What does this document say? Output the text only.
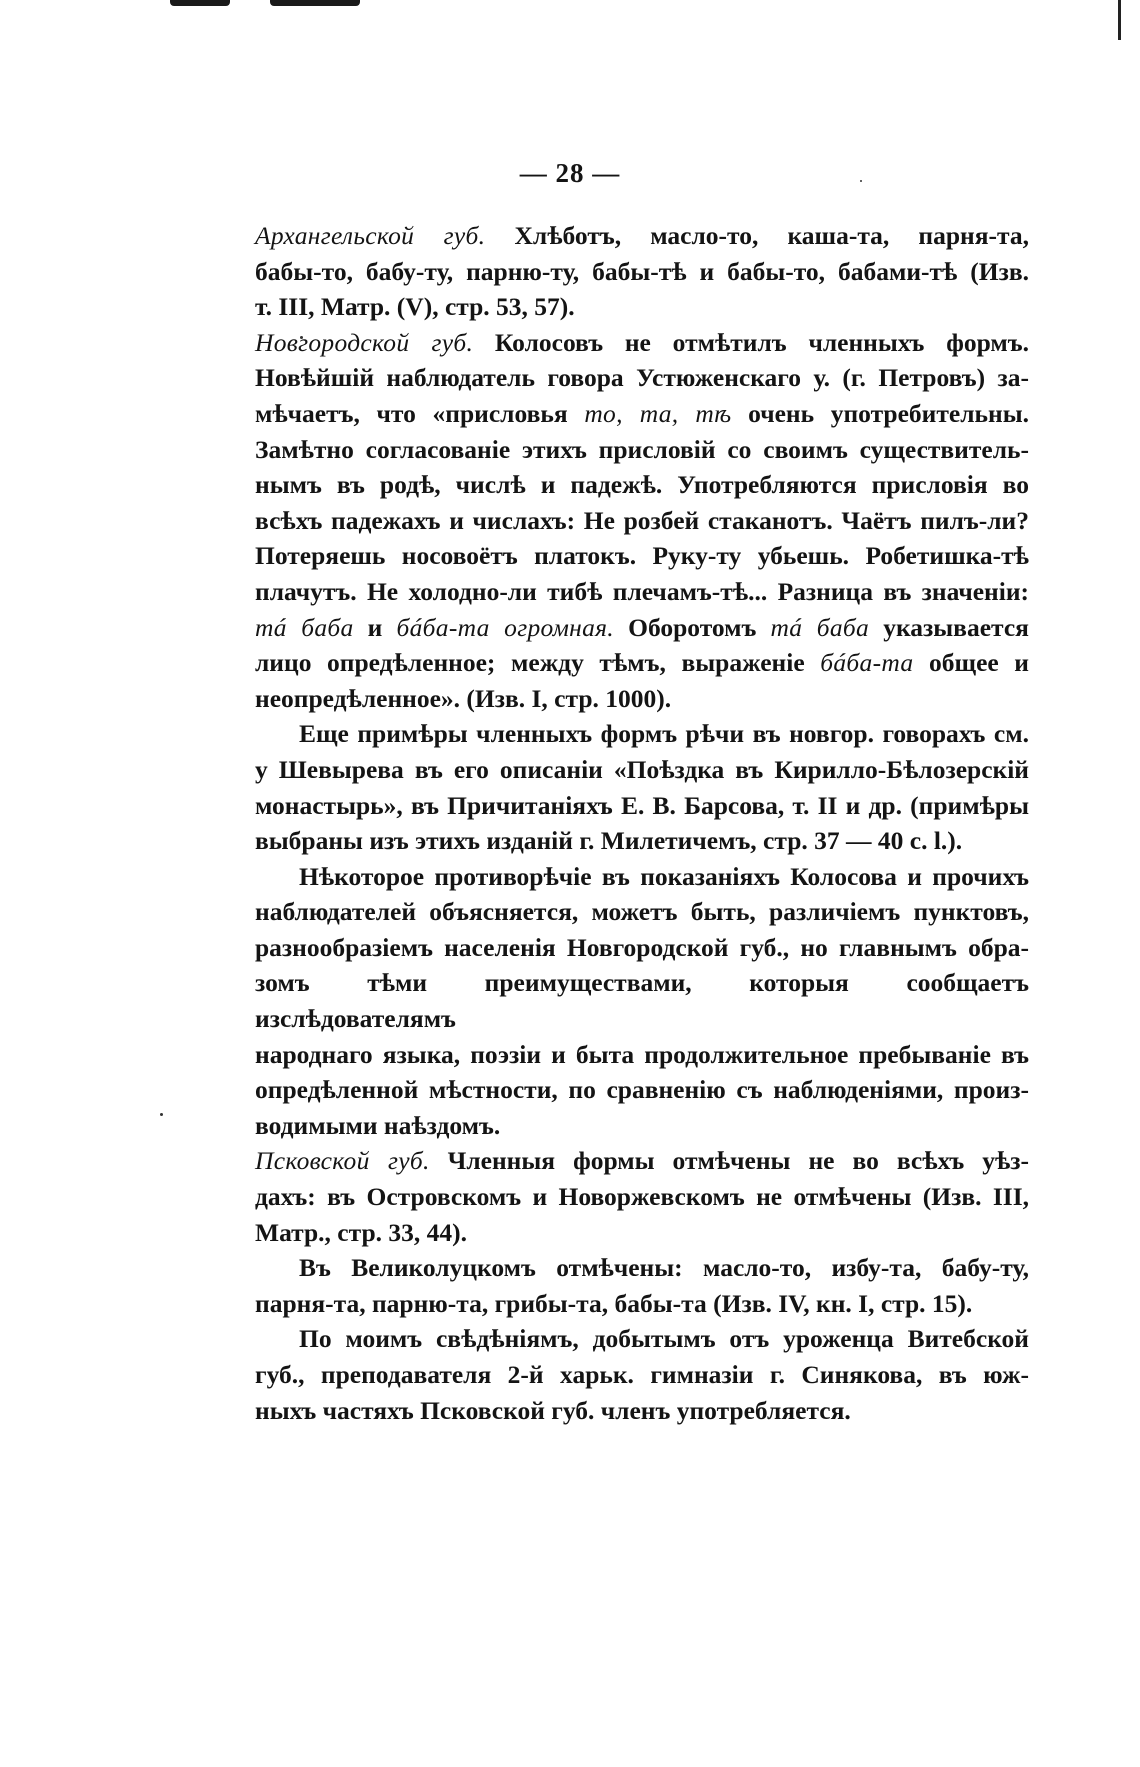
— 28 —

Архангельской губ. Хлѣботъ, масло-то, каша-та, парня-та,

бабы-то, бабу-ту, парню-ту, бабы-тѣ и бабы-то, бабами-тѣ (Изв.

т. III, Матр. (V), стр. 53, 57).

Новгородской губ. Колосовъ не отмѣтилъ членныхъ формъ.

Новѣйшій наблюдатель говора Устюженскаго у. (г. Петровъ) за-

мѣчаетъ, что «присловья то, та, тѣ очень употребительны.

Замѣтно согласованіе этихъ присловій со своимъ существитель-

нымъ въ родѣ, числѣ и падежѣ. Употребляются присловія во

всѣхъ падежахъ и числахъ: Не розбей стаканотъ. Чаётъ пилъ-ли?

Потеряешь носовоётъ платокъ. Руку-ту убьешь. Робетишка-тѣ

плачутъ. Не холодно-ли тибѣ плечамъ-тѣ... Разница въ значеніи:

тá баба и бáба-та огромная. Оборотомъ тá баба указывается

лицо опредѣленное; между тѣмъ, выраженіе бáба-та общее и

неопредѣленное». (Изв. I, стр. 1000).

Еще примѣры членныхъ формъ рѣчи въ новгор. говорахъ см.

у Шевырева въ его описаніи «Поѣздка въ Кирилло-Бѣлозерскій

монастырь», въ Причитаніяхъ Е. В. Барсова, т. II и др. (примѣры

выбраны изъ этихъ изданій г. Милетичемъ, стр. 37 — 40 с. l.).

Нѣкоторое противорѣчіе въ показаніяхъ Колосова и прочихъ

наблюдателей объясняется, можетъ быть, различіемъ пунктовъ,

разнообразіемъ населенія Новгородской губ., но главнымъ обра-

зомъ тѣми преимуществами, которыя сообщаетъ изслѣдователямъ

народнаго языка, поэзіи и быта продолжительное пребываніе въ

опредѣленной мѣстности, по сравненію съ наблюденіями, произ-

водимыми наѣздомъ.

Псковской губ. Членныя формы отмѣчены не во всѣхъ уѣз-

дахъ: въ Островскомъ и Новоржевскомъ не отмѣчены (Изв. III,

Матр., стр. 33, 44).

Въ Великолуцкомъ отмѣчены: масло-то, избу-та, бабу-ту,

парня-та, парню-та, грибы-та, бабы-та (Изв. IV, кн. I, стр. 15).

По моимъ свѣдѣніямъ, добытымъ отъ уроженца Витебской

губ., преподавателя 2-й харьк. гимназіи г. Синякова, въ юж-

ныхъ частяхъ Псковской губ. членъ употребляется.
